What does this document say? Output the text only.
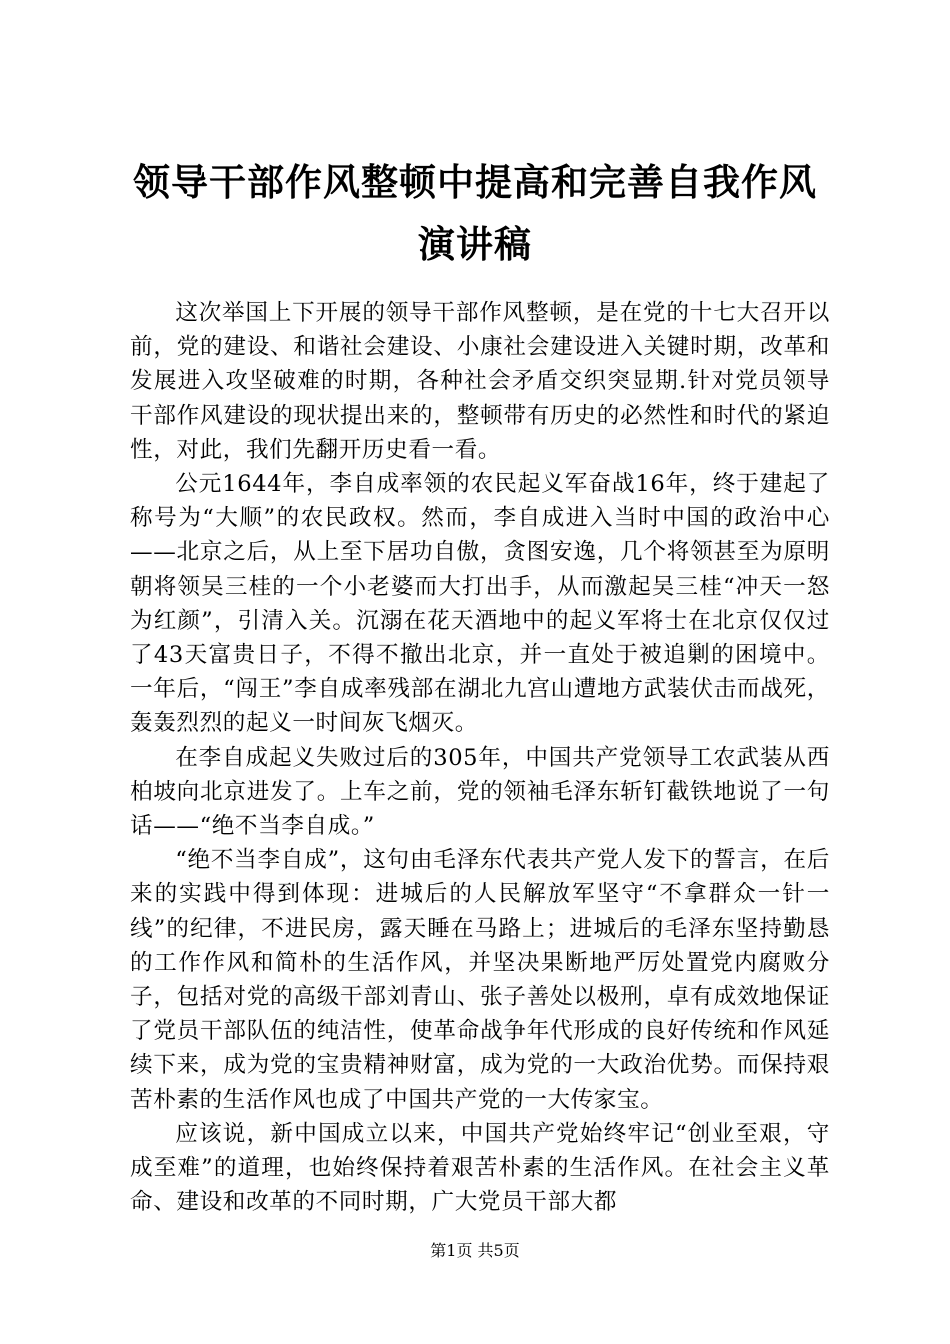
领导干部作风整顿中提高和完善自我作风演讲稿

这次举国上下开展的领导干部作风整顿，是在党的十七大召开以前，党的建设、和谐社会建设、小康社会建设进入关键时期，改革和发展进入攻坚破难的时期，各种社会矛盾交织突显期.针对党员领导干部作风建设的现状提出来的，整顿带有历史的必然性和时代的紧迫性，对此，我们先翻开历史看一看。

公元1644年，李自成率领的农民起义军奋战16年，终于建起了称号为“大顺”的农民政权。然而，李自成进入当时中国的政治中心——北京之后，从上至下居功自傲，贪图安逸，几个将领甚至为原明朝将领吴三桂的一个小老婆而大打出手，从而激起吴三桂“冲天一怒为红颜”，引清入关。沉溺在花天酒地中的起义军将士在北京仅仅过了43天富贵日子，不得不撤出北京，并一直处于被追剿的困境中。一年后，“闯王”李自成率残部在湖北九宫山遭地方武装伏击而战死，轰轰烈烈的起义一时间灰飞烟灭。

在李自成起义失败过后的305年，中国共产党领导工农武装从西柏坡向北京进发了。上车之前，党的领袖毛泽东斩钉截铁地说了一句话——“绝不当李自成。”

“绝不当李自成”，这句由毛泽东代表共产党人发下的誓言，在后来的实践中得到体现：进城后的人民解放军坚守“不拿群众一针一线”的纪律，不进民房，露天睡在马路上；进城后的毛泽东坚持勤恳的工作作风和简朴的生活作风，并坚决果断地严厉处置党内腐败分子，包括对党的高级干部刘青山、张子善处以极刑，卓有成效地保证了党员干部队伍的纯洁性，使革命战争年代形成的良好传统和作风延续下来，成为党的宝贵精神财富，成为党的一大政治优势。而保持艰苦朴素的生活作风也成了中国共产党的一大传家宝。

应该说，新中国成立以来，中国共产党始终牢记“创业至艰，守成至难”的道理，也始终保持着艰苦朴素的生活作风。在社会主义革命、建设和改革的不同时期，广大党员干部大都

第1页 共5页
